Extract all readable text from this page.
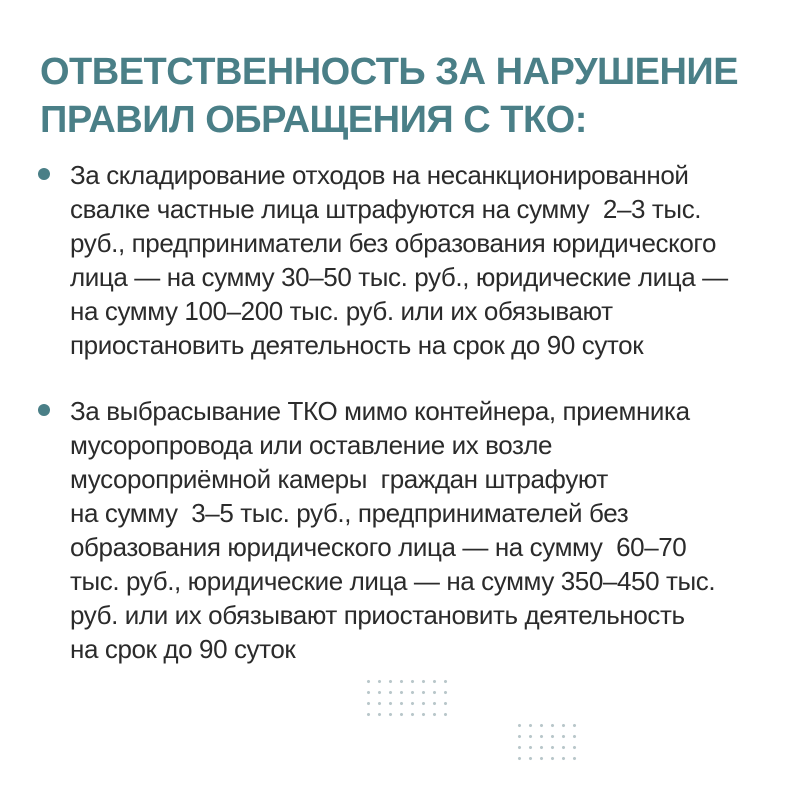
ОТВЕТСТВЕННОСТЬ ЗА НАРУШЕНИЕ
ПРАВИЛ ОБРАЩЕНИЯ С ТКО:
За складирование отходов на несанкционированной
свалке частные лица штрафуются на сумму  2–3 тыс.
руб., предприниматели без образования юридического
лица — на сумму 30–50 тыс. руб., юридические лица —
на сумму 100–200 тыс. руб. или их обязывают
приостановить деятельность на срок до 90 суток
За выбрасывание ТКО мимо контейнера, приемника
мусоропровода или оставление их возле
мусороприёмной камеры  граждан штрафуют
на сумму  3–5 тыс. руб., предпринимателей без
образования юридического лица — на сумму  60–70
тыс. руб., юридические лица — на сумму 350–450 тыс.
руб. или их обязывают приостановить деятельность
на срок до 90 суток
